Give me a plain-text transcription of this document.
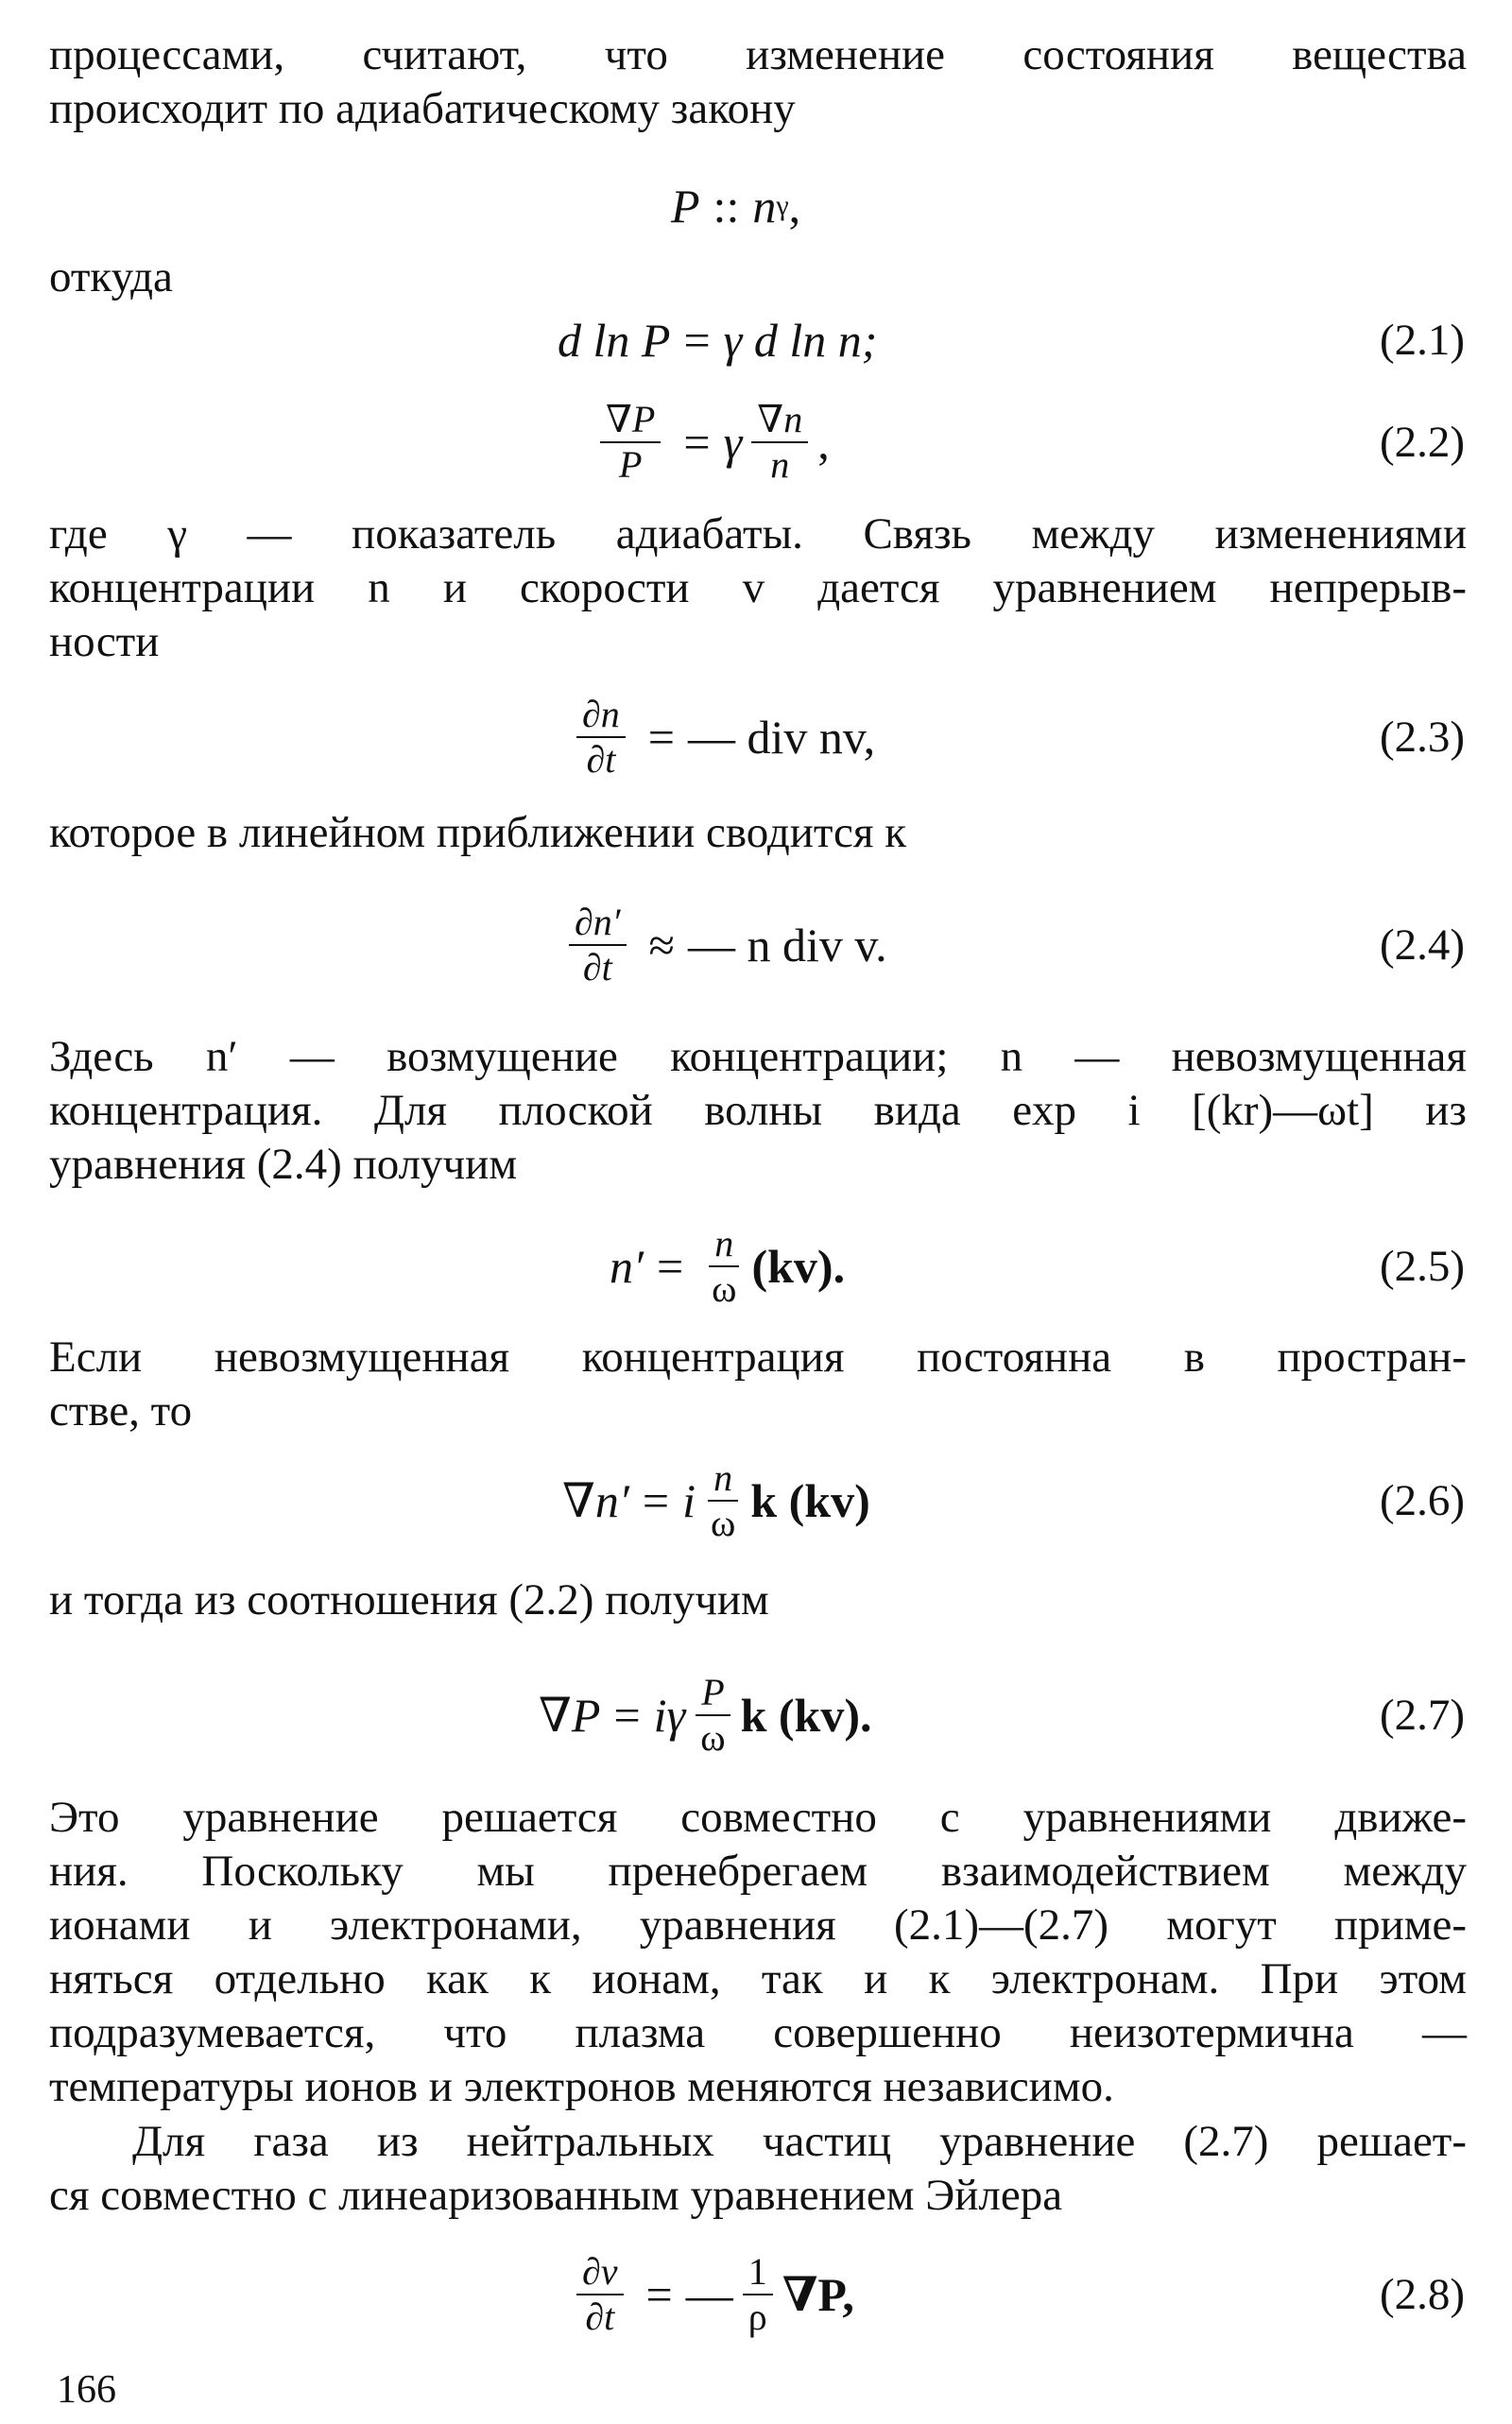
процессами, считают, что изменение состояния вещества
происходит по адиабатическому закону

P :: n γ ,

откуда

d ln P = γ d ln n;	(2.1)
$\frac{\nabla P}{P} = \gamma \frac{\nabla n}{n}$ ,	(2.2)

где γ — показатель адиабаты. Связь между изменениями
концентрации n и скорости v дается уравнением непрерыв-
ности

$\frac{\partial n}{\partial t}$ = — div nv,	(2.3)

которое в линейном приближении сводится к

$\frac{\partial n'}{\partial t}$ ≈ — n div v.	(2.4)

Здесь n′ — возмущение концентрации; n — невозмущенная
концентрация. Для плоской волны вида exp i [(kr)—ωt] из
уравнения (2.4) получим

$n' = \frac{n}{\omega} (kv)$.	(2.5)

Если невозмущенная концентрация постоянна в простран-
стве, то

∇n′ = i $\frac{n}{\omega}$ k (kv)	(2.6)

и тогда из соотношения (2.2) получим

∇P = iγ $\frac{P}{\omega}$ k (kv).	(2.7)

Это уравнение решается совместно с уравнениями движе-
ния. Поскольку мы пренебрегаем взаимодействием между
ионами и электронами, уравнения (2.1)—(2.7) могут приме-
няться отдельно как к ионам, так и к электронам. При этом
подразумевается, что плазма совершенно неизотермична —
температуры ионов и электронов меняются независимо.

Для газа из нейтральных частиц уравнение (2.7) решает-
ся совместно с линеаризованным уравнением Эйлера

$\frac{\partial v}{\partial t}$ = — $\frac{1}{\rho} \nabla P$,	(2.8)
166
